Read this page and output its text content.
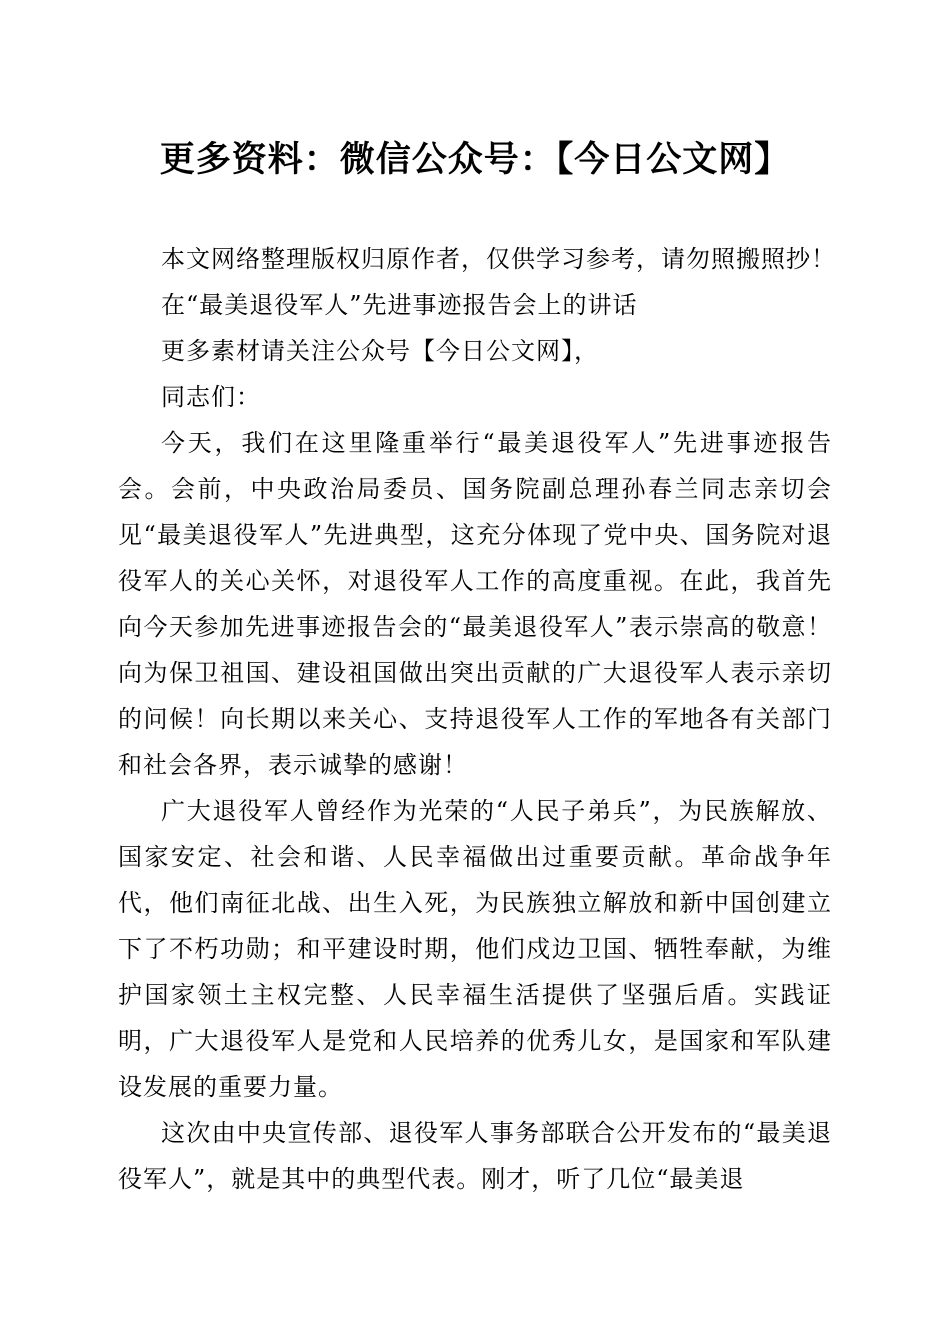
更多资料：微信公众号：【今日公文网】
本文网络整理版权归原作者，仅供学习参考，请勿照搬照抄！
在“最美退役军人”先进事迹报告会上的讲话
更多素材请关注公众号【今日公文网】，
同志们：

今天，我们在这里隆重举行“最美退役军人”先进事迹报告会。会前，中央政治局委员、国务院副总理孙春兰同志亲切会见“最美退役军人”先进典型，这充分体现了党中央、国务院对退役军人的关心关怀，对退役军人工作的高度重视。在此，我首先向今天参加先进事迹报告会的“最美退役军人”表示崇高的敬意！向为保卫祖国、建设祖国做出突出贡献的广大退役军人表示亲切的问候！向长期以来关心、支持退役军人工作的军地各有关部门和社会各界，表示诚挚的感谢！

广大退役军人曾经作为光荣的“人民子弟兵”，为民族解放、国家安定、社会和谐、人民幸福做出过重要贡献。革命战争年代，他们南征北战、出生入死，为民族独立解放和新中国创建立下了不朽功勋；和平建设时期，他们戍边卫国、牺牲奉献，为维护国家领土主权完整、人民幸福生活提供了坚强后盾。实践证明，广大退役军人是党和人民培养的优秀儿女，是国家和军队建设发展的重要力量。

这次由中央宣传部、退役军人事务部联合公开发布的“最美退役军人”，就是其中的典型代表。刚才，听了几位“最美退
